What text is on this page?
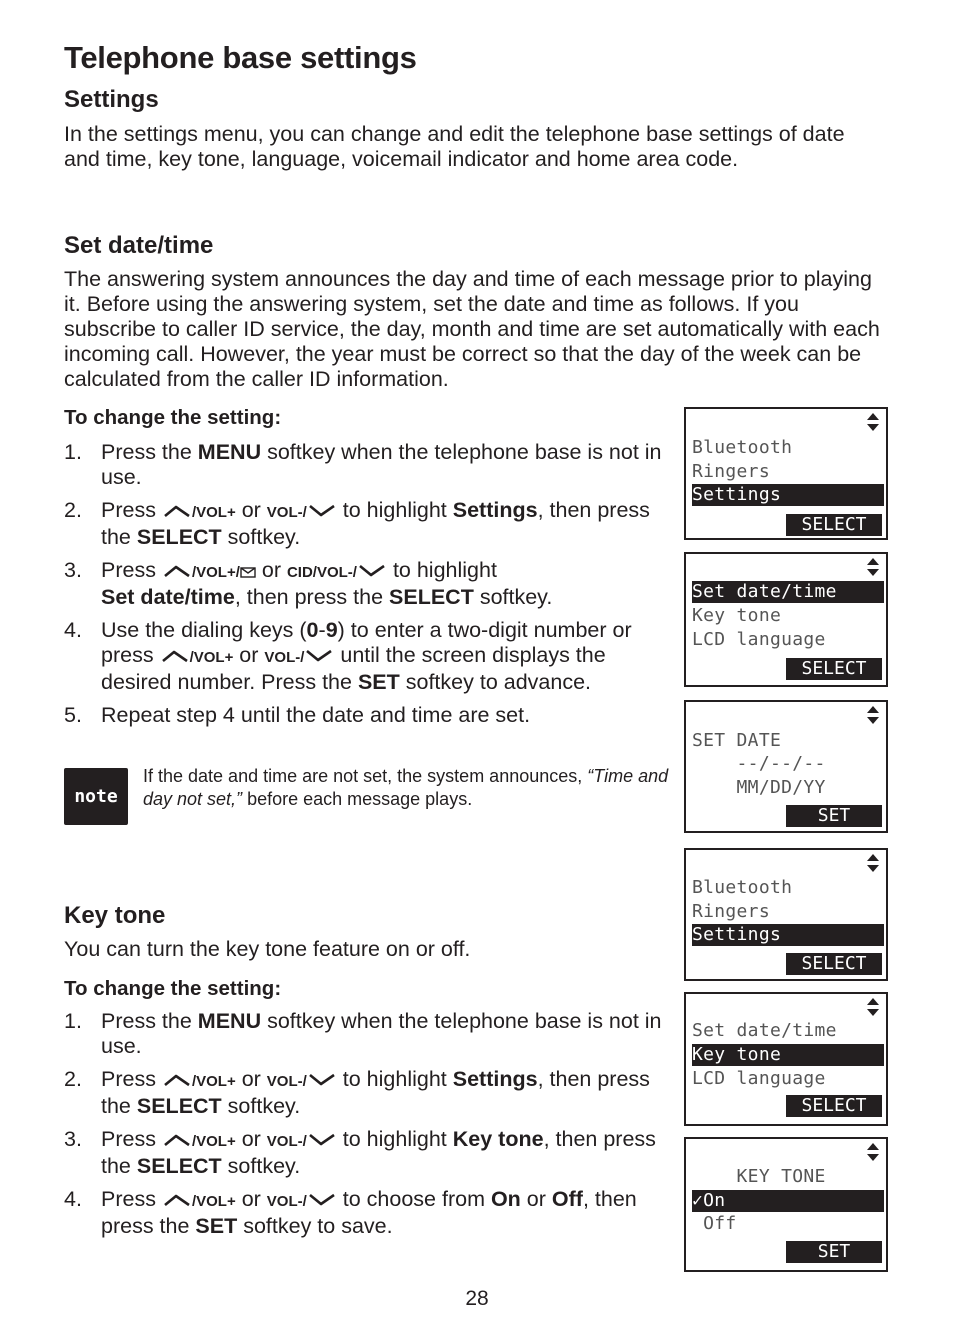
Telephone base settings
Settings

In the settings menu, you can change and edit the telephone base settings of date and time, key tone, language, voicemail indicator and home area code.

Set date/time

The answering system announces the day and time of each message prior to playing it. Before using the answering system, set the date and time as follows. If you subscribe to caller ID service, the day, month and time are set automatically with each incoming call. However, the year must be correct so that the day of the week can be calculated from the caller ID information.

To change the setting:

1. Press the MENU softkey when the telephone base is not in use.
2. Press /VOL+ or VOL-/ to highlight Settings, then press the SELECT softkey.
3. Press /VOL+/ or CID/VOL-/ to highlight
Set date/time, then press the SELECT softkey.
4. Use the dialing keys (0-9) to enter a two-digit number or press /VOL+ or VOL-/ until the screen displays the desired number. Press the SET softkey to advance.
5. Repeat step 4 until the date and time are set.
note

If the date and time are not set, the system announces, “Time and day not set,” before each message plays.

Key tone

You can turn the key tone feature on or off.

To change the setting:

1. Press the MENU softkey when the telephone base is not in use.
2. Press /VOL+ or VOL-/ to highlight Settings, then press the SELECT softkey.
3. Press /VOL+ or VOL-/ to highlight Key tone, then press the SELECT softkey.
4. Press /VOL+ or VOL-/ to choose from On or Off, then press the SET softkey to save.
Bluetooth
Ringers
Settings
SELECT
Set date/time
Key tone
LCD language
SELECT
SET DATE
--/--/--
MM/DD/YY
SET
Bluetooth
Ringers
Settings
SELECT
Set date/time
Key tone
LCD language
SELECT
KEY TONE
✓On
Off
SET
28
